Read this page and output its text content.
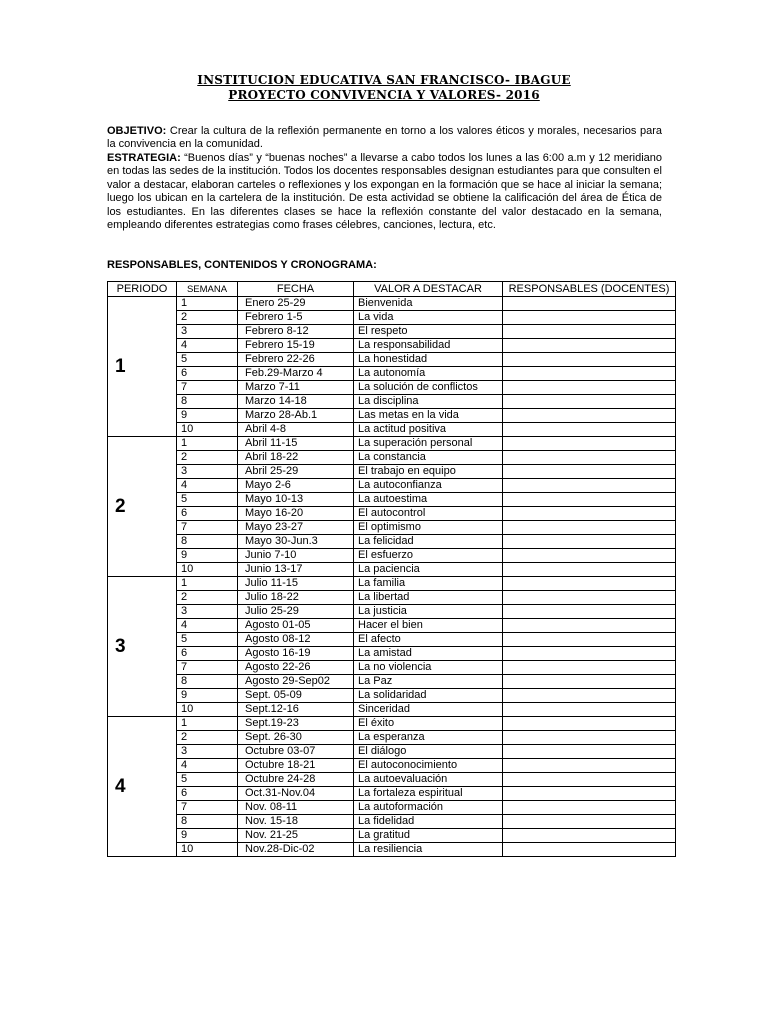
INSTITUCION EDUCATIVA SAN FRANCISCO- IBAGUE
PROYECTO CONVIVENCIA Y VALORES- 2016
OBJETIVO: Crear la cultura de la reflexión permanente en torno a los valores éticos y morales, necesarios para la convivencia en la comunidad.
ESTRATEGIA: “Buenos días” y “buenas noches” a llevarse a cabo todos los lunes a las 6:00 a.m y 12 meridiano en todas las sedes de la institución. Todos los docentes responsables designan estudiantes para que consulten el valor a destacar, elaboran carteles o reflexiones y los expongan en la formación que se hace al iniciar la semana; luego los ubican en la cartelera de la institución. De esta actividad se obtiene la calificación del área de Ética de los estudiantes. En las diferentes clases se hace la reflexión constante del valor destacado en la semana, empleando diferentes estrategias como frases célebres, canciones, lectura, etc.
RESPONSABLES, CONTENIDOS Y CRONOGRAMA:
PERIODO	SEMANA	FECHA	VALOR A DESTACAR	RESPONSABLES (DOCENTES)
1	1	Enero 25-29	Bienvenida	
	2	Febrero 1-5	La vida	
	3	Febrero 8-12	El respeto	
	4	Febrero 15-19	La responsabilidad	
	5	Febrero 22-26	La honestidad	
	6	Feb.29-Marzo 4	La autonomía	
	7	Marzo 7-11	La solución de conflictos	
	8	Marzo 14-18	La disciplina	
	9	Marzo 28-Ab.1	Las metas en la vida	
	10	Abril 4-8	La actitud positiva	
2	1	Abril 11-15	La superación personal	
	2	Abril 18-22	La constancia	
	3	Abril 25-29	El trabajo en equipo	
	4	Mayo 2-6	La autoconfianza	
	5	Mayo 10-13	La autoestima	
	6	Mayo 16-20	El autocontrol	
	7	Mayo 23-27	El optimismo	
	8	Mayo 30-Jun.3	La felicidad	
	9	Junio 7-10	El esfuerzo	
	10	Junio 13-17	La paciencia	
3	1	Julio 11-15	La familia	
	2	Julio 18-22	La libertad	
	3	Julio 25-29	La justicia	
	4	Agosto 01-05	Hacer el bien	
	5	Agosto 08-12	El afecto	
	6	Agosto 16-19	La amistad	
	7	Agosto 22-26	La no violencia	
	8	Agosto 29-Sep02	La Paz	
	9	Sept. 05-09	La solidaridad	
	10	Sept.12-16	Sinceridad	
4	1	Sept.19-23	El éxito	
	2	Sept. 26-30	La esperanza	
	3	Octubre 03-07	El diálogo	
	4	Octubre 18-21	El autoconocimiento	
	5	Octubre 24-28	La autoevaluación	
	6	Oct.31-Nov.04	La fortaleza espiritual	
	7	Nov. 08-11	La autoformación	
	8	Nov. 15-18	La fidelidad	
	9	Nov. 21-25	La gratitud	
	10	Nov.28-Dic-02	La resiliencia	
